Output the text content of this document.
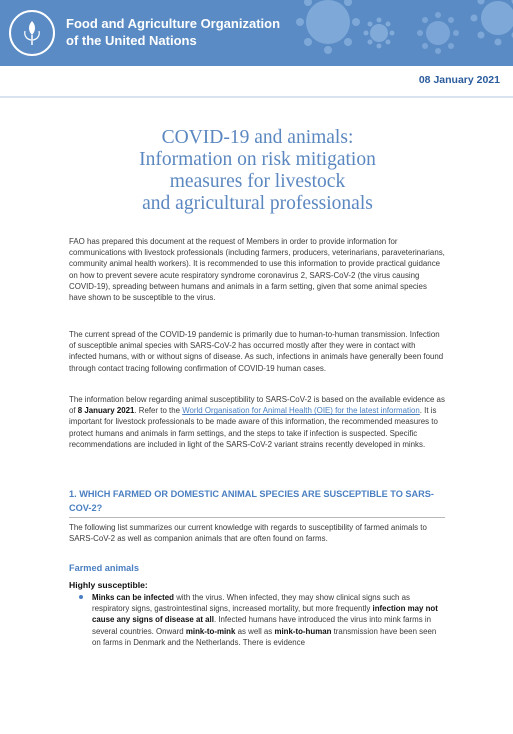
Food and Agriculture Organization
of the United Nations
08 January 2021
COVID-19 and animals:
Information on risk mitigation
measures for livestock
and agricultural professionals
FAO has prepared this document at the request of Members in order to provide information for communications with livestock professionals (including farmers, producers, veterinarians, paraveterinarians, community animal health workers). It is recommended to use this information to provide practical guidance on how to prevent severe acute respiratory syndrome coronavirus 2, SARS-CoV-2 (the virus causing COVID-19), spreading between humans and animals in a farm setting, given that some animal species have shown to be susceptible to the virus.
The current spread of the COVID-19 pandemic is primarily due to human-to-human transmission. Infection of susceptible animal species with SARS-CoV-2 has occurred mostly after they were in contact with infected humans, with or without signs of disease. As such, infections in animals have generally been found through contact tracing following confirmation of COVID-19 human cases.
The information below regarding animal susceptibility to SARS-CoV-2 is based on the available evidence as of 8 January 2021. Refer to the World Organisation for Animal Health (OIE) for the latest information. It is important for livestock professionals to be made aware of this information, the recommended measures to protect humans and animals in farm settings, and the steps to take if infection is suspected. Specific recommendations are included in light of the SARS-CoV-2 variant strains recently developed in minks.
1. WHICH FARMED OR DOMESTIC ANIMAL SPECIES ARE SUSCEPTIBLE TO SARS-COV-2?
The following list summarizes our current knowledge with regards to susceptibility of farmed animals to SARS-CoV-2 as well as companion animals that are often found on farms.
Farmed animals
Highly susceptible:
Minks can be infected with the virus. When infected, they may show clinical signs such as respiratory signs, gastrointestinal signs, increased mortality, but more frequently infection may not cause any signs of disease at all. Infected humans have introduced the virus into mink farms in several countries. Onward mink-to-mink as well as mink-to-human transmission have been seen on farms in Denmark and the Netherlands. There is evidence
